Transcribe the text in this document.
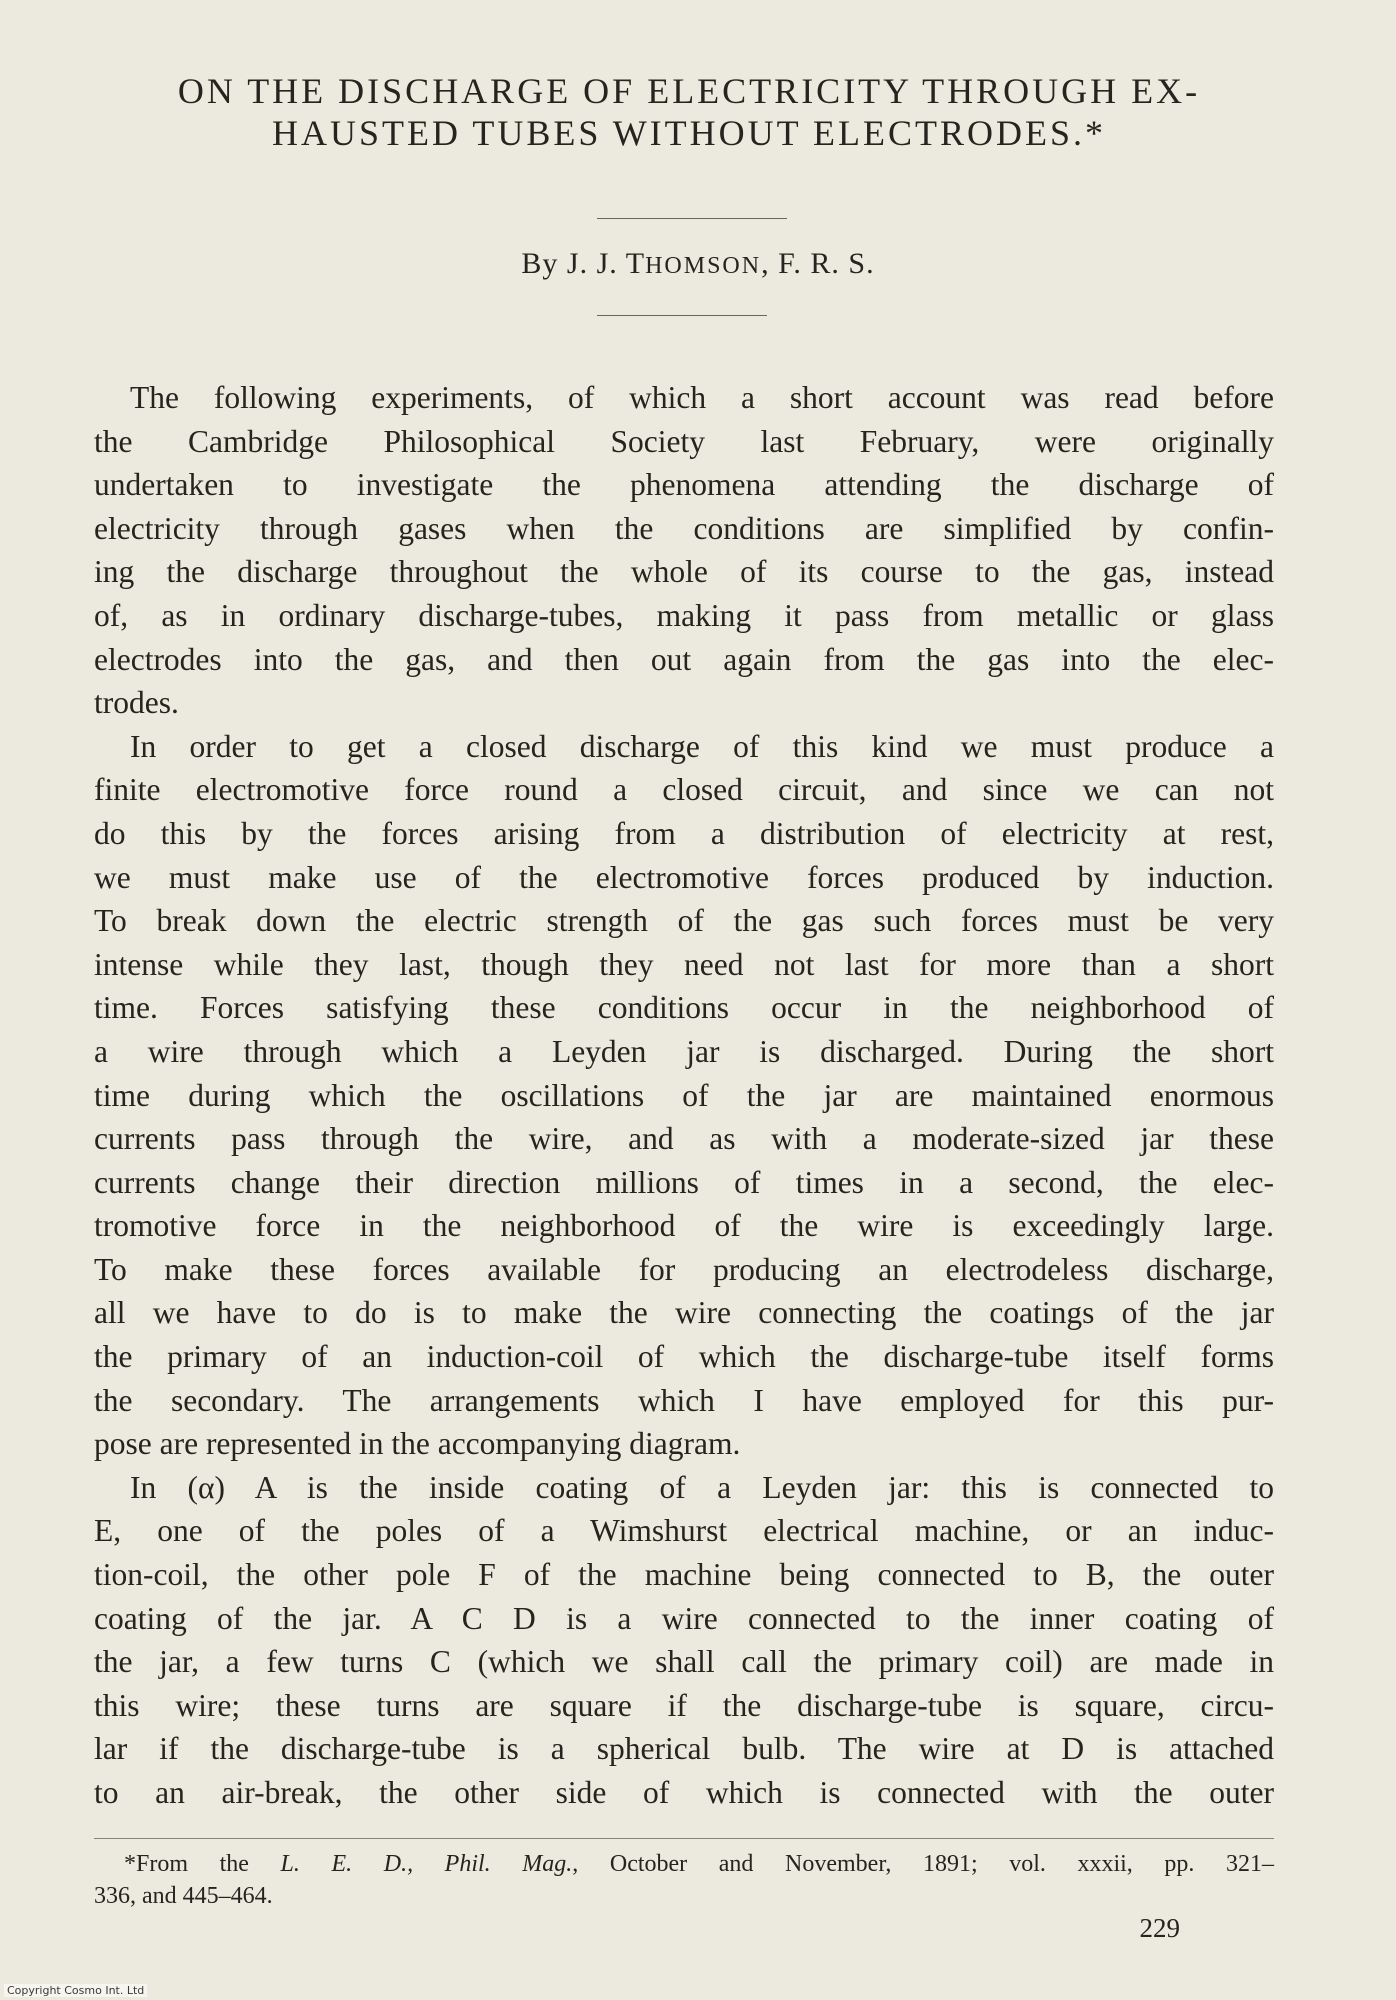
ON THE DISCHARGE OF ELECTRICITY THROUGH EX-
HAUSTED TUBES WITHOUT ELECTRODES.*
By J. J. THOMSON, F. R. S.
The following experiments, of which a short account was read before
the Cambridge Philosophical Society last February, were originally
undertaken to investigate the phenomena attending the discharge of
electricity through gases when the conditions are simplified by confin-
ing the discharge throughout the whole of its course to the gas, instead
of, as in ordinary discharge-tubes, making it pass from metallic or glass
electrodes into the gas, and then out again from the gas into the elec-
trodes.
In order to get a closed discharge of this kind we must produce a
finite electromotive force round a closed circuit, and since we can not
do this by the forces arising from a distribution of electricity at rest,
we must make use of the electromotive forces produced by induction.
To break down the electric strength of the gas such forces must be very
intense while they last, though they need not last for more than a short
time. Forces satisfying these conditions occur in the neighborhood of
a wire through which a Leyden jar is discharged. During the short
time during which the oscillations of the jar are maintained enormous
currents pass through the wire, and as with a moderate-sized jar these
currents change their direction millions of times in a second, the elec-
tromotive force in the neighborhood of the wire is exceedingly large.
To make these forces available for producing an electrodeless discharge,
all we have to do is to make the wire connecting the coatings of the jar
the primary of an induction-coil of which the discharge-tube itself forms
the secondary. The arrangements which I have employed for this pur-
pose are represented in the accompanying diagram.
In (α) A is the inside coating of a Leyden jar: this is connected to
E, one of the poles of a Wimshurst electrical machine, or an induc-
tion-coil, the other pole F of the machine being connected to B, the outer
coating of the jar. A C D is a wire connected to the inner coating of
the jar, a few turns C (which we shall call the primary coil) are made in
this wire; these turns are square if the discharge-tube is square, circu-
lar if the discharge-tube is a spherical bulb. The wire at D is attached
to an air-break, the other side of which is connected with the outer
*From the L. E. D., Phil. Mag., October and November, 1891; vol. xxxii, pp. 321–
336, and 445–464.
229
Copyright Cosmo Int. Ltd
